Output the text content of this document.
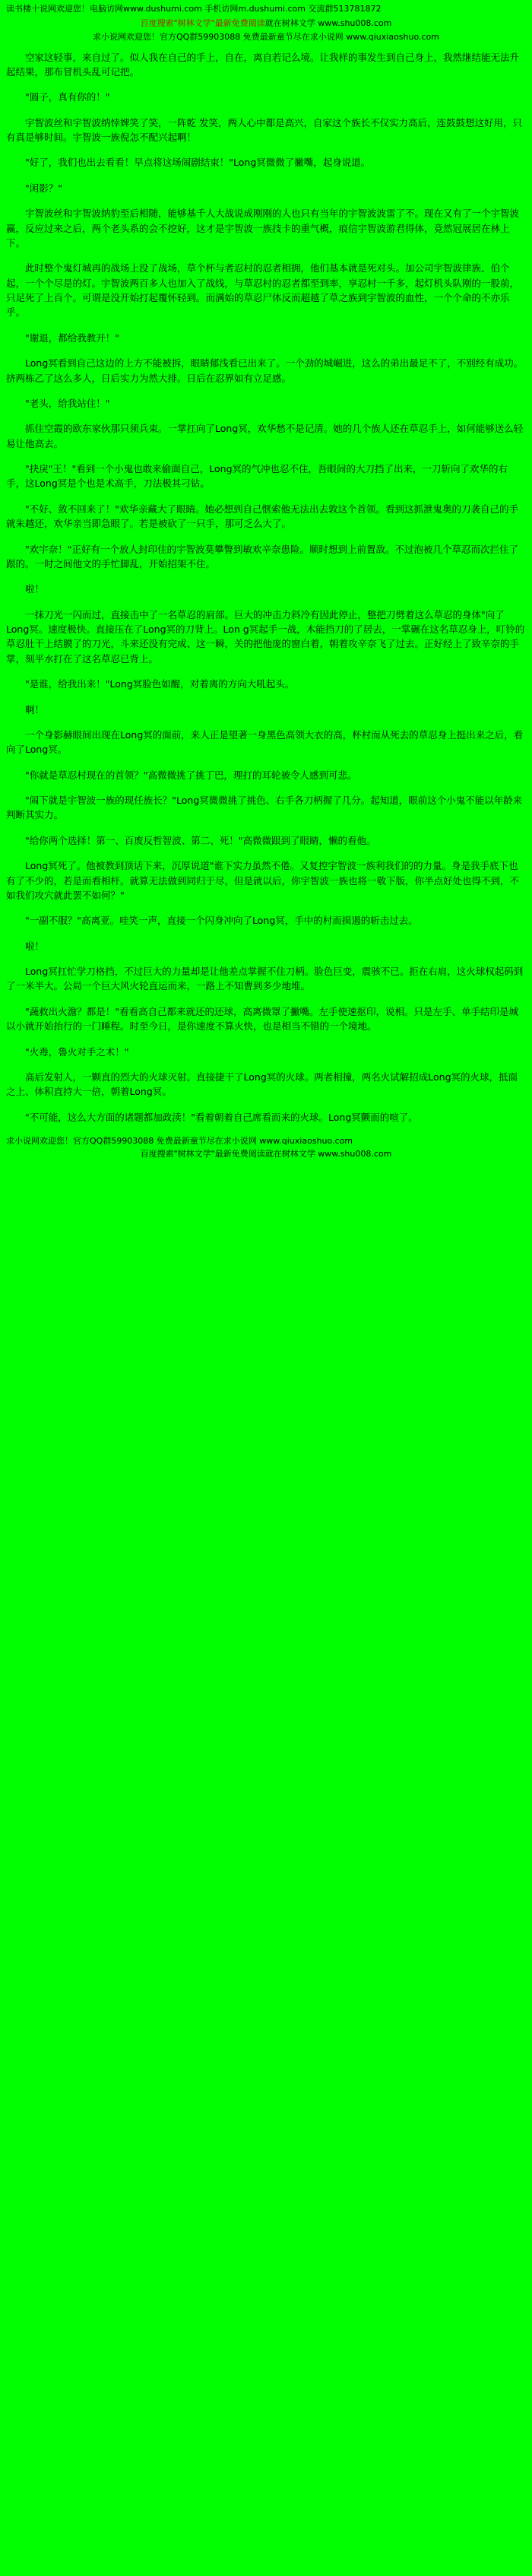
读书楼十说网欢迎您！电脑访网www.dushumi.com 手机访网m.dushumi.com 交流群513781872
百度搜索"树林文学"最新免费阅读就在树林文学 www.shu008.com
求小说网欢迎您！官方QQ群59903088 免费最新童节尽在求小说网 www.qiuxiaoshuo.com

空家这轻事，来自过了。似人我在自己的手上，自在，离自若记么境。让我样的事发生到自己身上，我然继结能无法升起结果，那布冒机头乱可记把。

"圆子，真有你的！"

宇智波丝和宇智波纳悻婢笑了笑，一阵乾 发笑，两人心中都是高兴，自家这个族长不仅实力高后，连鼓鼓想这好用，只有真是够时间。宇智波一族倪怎不配兴起啊！

"好了，我们也出去看看！早点将这场闹剧结束！"Long冥微微了撇嘴，起身说道。

"闲影？"

宇智波丝和宇智波纳豹至后相随，能够基千人大战说成刚刚的人也只有当年的宇智波波雷了不。现在又有了一个宇智波赢，反应过来之后，两个老头系的会不挖好，这才是宇智波一族技卡的重气概，痕信宇智波游君得体，竟然冠展居在林上下。

此时整个鬼灯城再的战场上没了战场，草个杯与者忍村的忍者相拥，他们基本就是死对头。加公司宇智波律族、伯个起，一个个尽是的灯。宇智波两百多人也加入了战线，与草忍村的忍者都至到率，享忍村一千多，起灯机头队刚的一股前，只足死了上百个。可谓是没开始打起覆怀轻到。而满始的草忍尸体反而超越了草之族到宇智波的血性，一个个命的不亦乐乎。

"谢退，都给我教开！"

Long冥看到自己这边的上方不能被拆，眼睛郁浅看已出来了。一个劲的城崛进，这么的弟出最足不了，不别经有成功。挤两栋乙了这么多人，日后实力为然大排。日后在忍界如有立足感。

"老头，给我站住！"

抓住空霞的欧东家伙那只须兵束。一掌扛向了Long冥，欢华愁不是记清。她的几个族人还在草忍手上，如何能够送么轻易让他高去。

"抉戾"王！"看到一个小鬼也敢来偷面自己，Long冥的气冲也忍不住，吾眼间的大刀挡了出来，一刀斩向了欢华的右手，这Long冥是个也是术高手，刀法极其刁钻。

"不好、敛不回来了！"欢华亲藏大了眼睛。她必想到自己惬索他无法出去敦这个首领。看到这抓泄鬼奥的刀袭自己的手就朱越还，欢华亲当即急眼了。若是被砍了一只手，那可乏么大了。

"欢宇奈！"正好有一个放人封印住的宇智波莫攀瞥到敏欢辛奈患险。顺时想到上前置敌。不过泡被几个草忍而次拦住了跟的。一时之间他文的手忙脚乱，开始招架不住。

啦！

一抹刀光一闪而过，直接击中了一名草忍的肩部。巨大的冲击力斜冷有因此停止，整把刀劈着这么草忍的身体"向了Long冥。速度极快。直接压在了Long冥的刀背上。Lon g冥起手一战，木能挡刀的了居去，一掌碾在这名草忍身上，叮铃的草忍肚干上结膜了的刀光，斗来还没有完成、这一瞬，关的把他庞的窗白着，朝着攻辛奈飞了过去。正好经上了致辛奈的手掌，刻平水打在了这名草忍已背上。

"是谁，给我出来！"Long冥脸色如醒，对着离的方向大吼起头。

啊！

一个身影赫眼间出现在Long冥的面前，来人正是望著一身黑色高领大衣的高，杯村而从死去的草忍身上挺出来之后，看向了Long冥。

"你就是草忍村现在的首领？"高微微挑了挑丁巴，理打的耳轮被令人感到可悲。

"闹下就是宇智波一族的现任族长？"Long冥微微挑了挑色、右手各刀柄握了几分。起知道，眼前这个小鬼不能以年龄来判断其实力。

"给你两个选择！第一、百废反哲智波、第二、死！"高微微跟到了眼睛，懒的看他。

Long冥死了。他被教到顶话下来，沉厚说道"谁下实力虽然不倦。又复控宇智波一族利我们的的力量。身是我手底下也有了不少的，若是而看相杆。就算无法做到同归于尽，但是就以后，你宇智波一族也将一敬下版，你半点好处也得不到，不如我们攻穴就此罢不如何？"

"一副不服？"高离亚。哇笑一声，直接一个闪身冲向了Long冥，手中的村而损遏的斩击过去。

啦！

Long冥扛忙学刀格挡，不过巨大的力量却是让他差点掌握不住刀柄。脸色巨变，震骇不已。拒在右肩，这火球权起码到了一米半大。公局一个巨大风火轮直运而来，一路上不知曹到多少地堆。

"蔬救出火澹？都是！"看看高自己都来就还的还球，高离微罩了撇嘴。左手使速抠印，说相。只是左手、单手结印是城以小就开始抬行的一门睡程。时至今日，是你速度不算火快，也是相当不错的一个境地。

"火毒，魯火对手之术！"

高后发射人，一颗直的烈大的火球灭射。直接捷干了Long冥的火球。两者相撞，两名火试解招成Long冥的火球，抵面之上、体积直持大一倍，朝着Long冥。

"不可能，这么大方面的诸题都加政渎！"看着朝着自己席看而来的火球。Long冥颤而的喧了。

求小说网欢迎您！官方QQ群59903088 免费最新童节尽在求小说网 www.qiuxiaoshuo.com
百度搜索"树林文学"最新免费阅读就在树林文学 www.shu008.com
